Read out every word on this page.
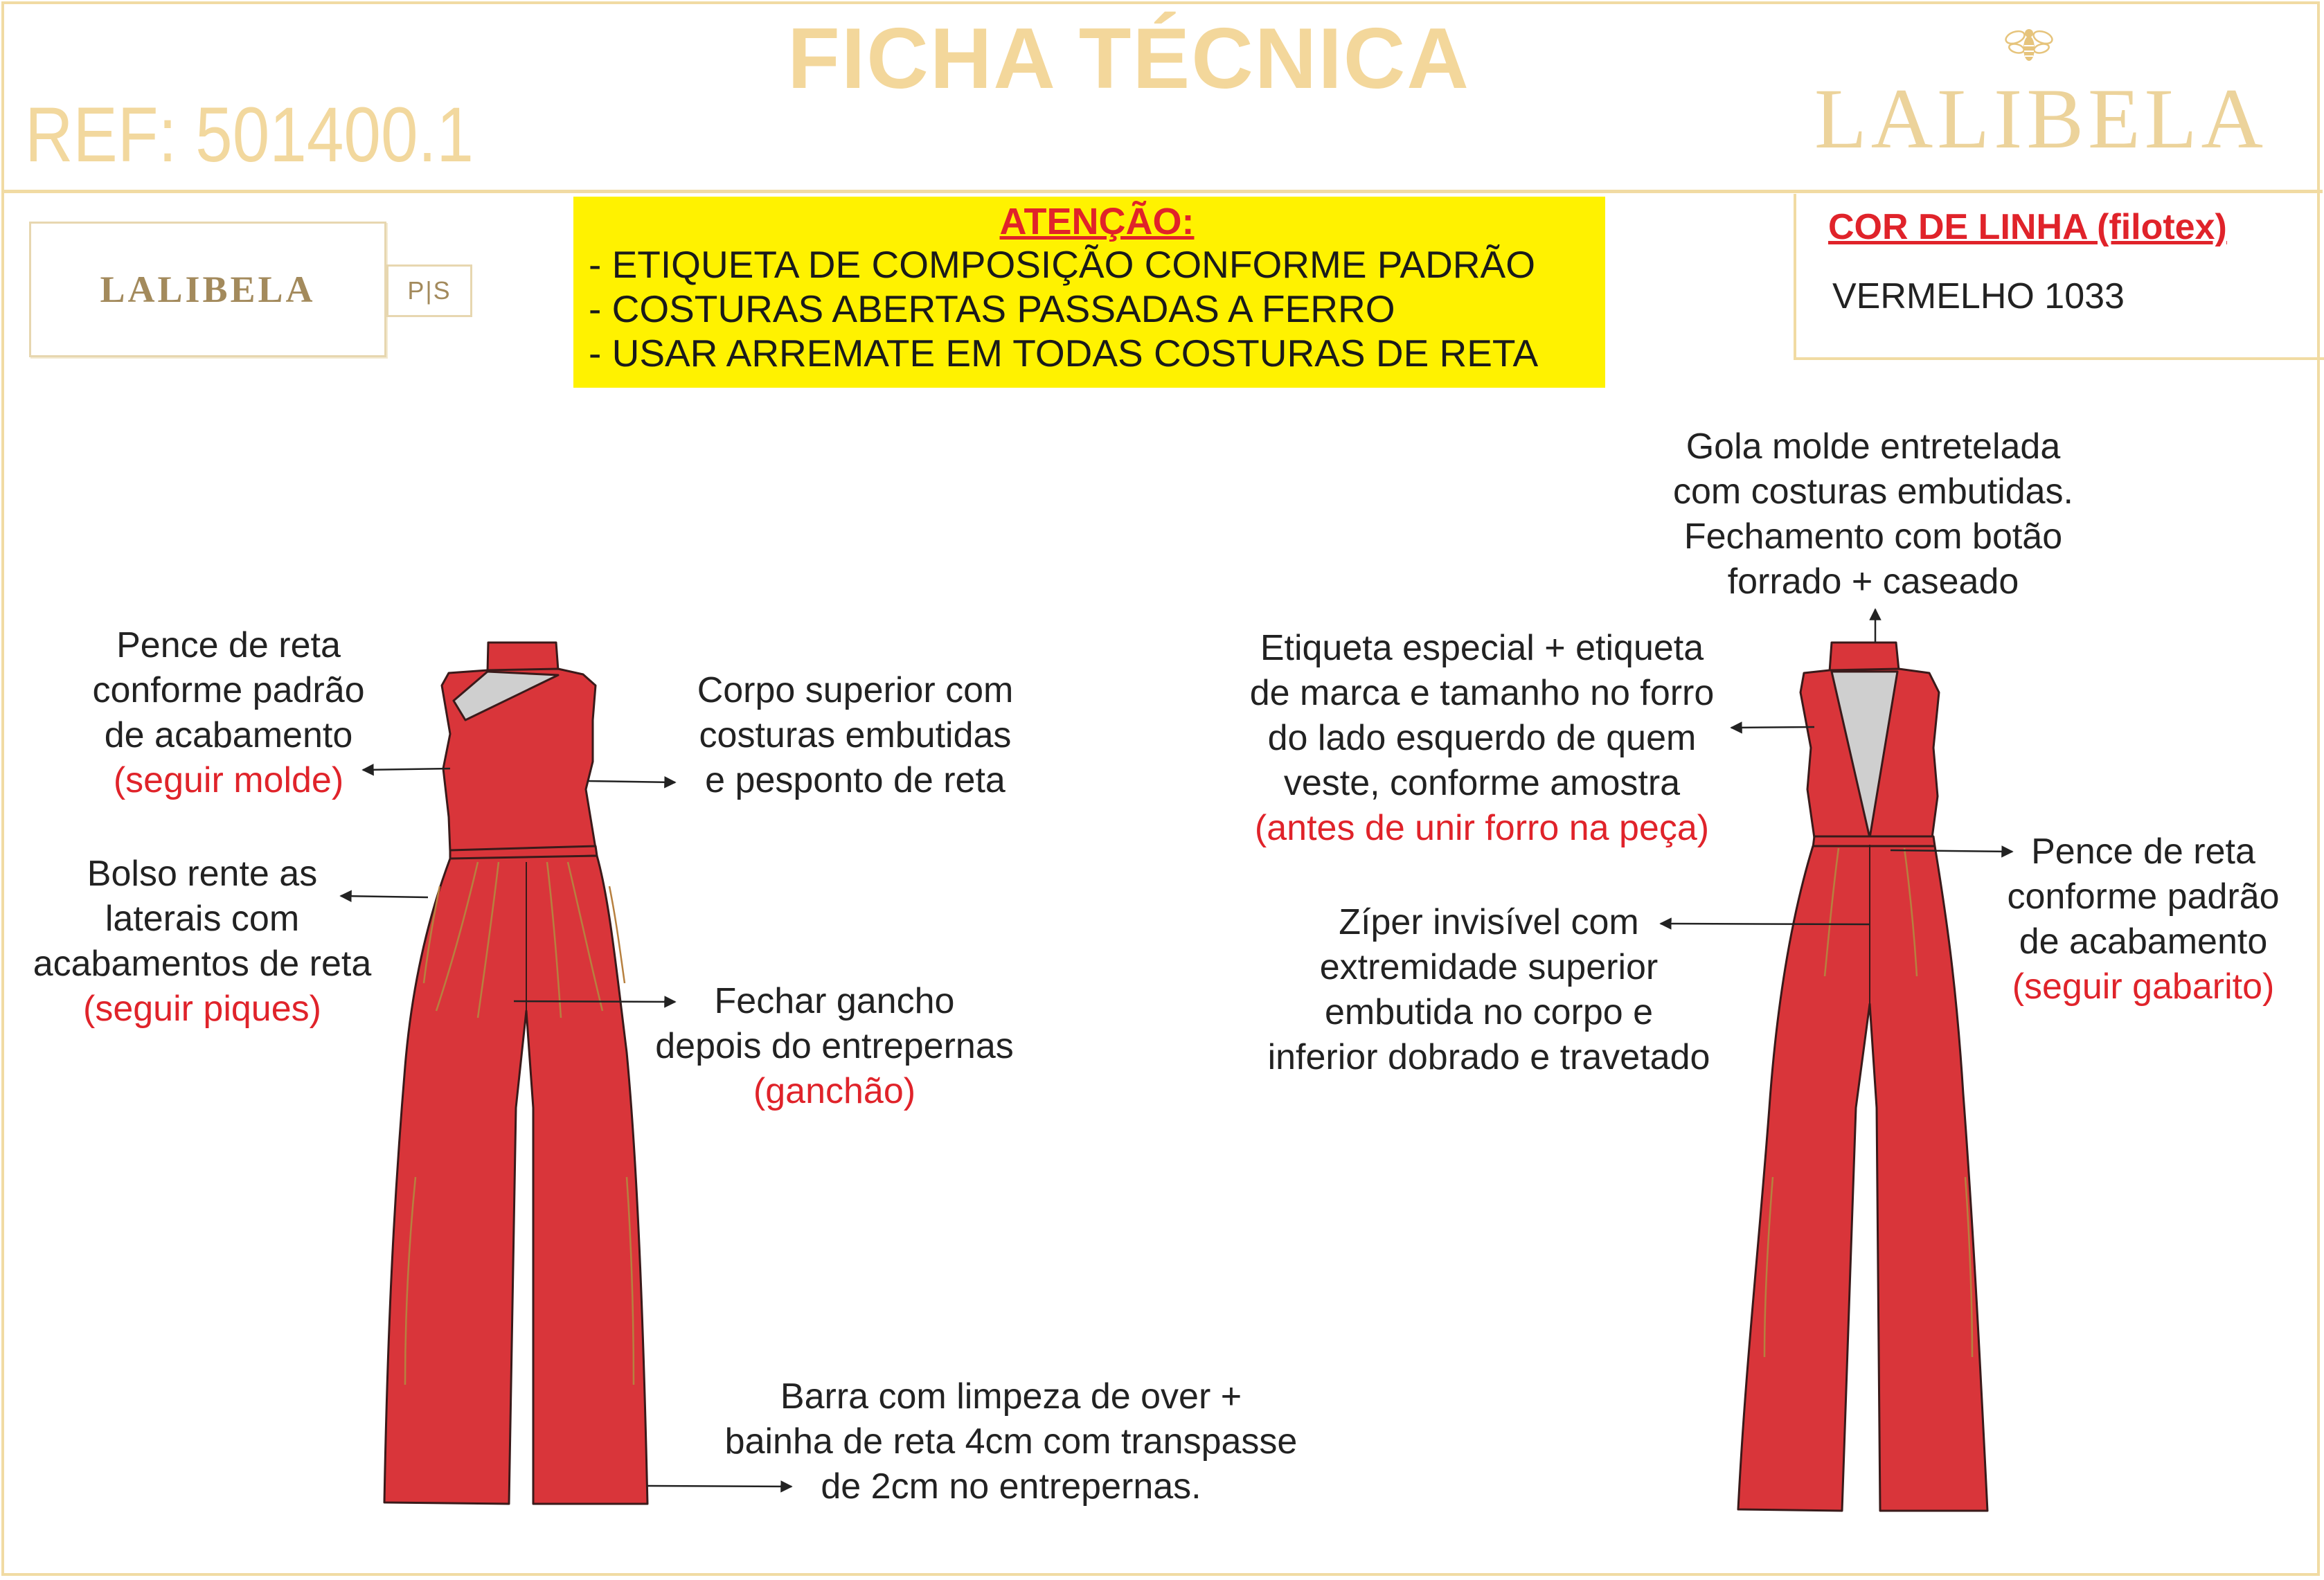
FICHA TÉCNICA

REF: 501400.1	LALIBELA
LALIBELA	P|S
ATENÇÃO:
- ETIQUETA DE COMPOSIÇÃO CONFORME PADRÃO
- COSTURAS ABERTAS PASSADAS A FERRO
- USAR ARREMATE EM TODAS COSTURAS DE RETA
COR DE LINHA (filotex)
VERMELHO 1033
Pence de reta
conforme padrão
de acabamento
(seguir molde)
Corpo superior com
costuras embutidas
e pesponto de reta
Bolso rente as
laterais com
acabamentos de reta
(seguir piques)	Fechar gancho
depois do entrepernas
(ganchão)
Barra com limpeza de over +
bainha de reta 4cm com transpasse
de 2cm no entrepernas.
Gola molde entretelada
com costuras embutidas.
Fechamento com botão
forrado + caseado
Etiqueta especial + etiqueta
de marca e tamanho no forro
do lado esquerdo de quem
veste, conforme amostra
(antes de unir forro na peça)
Pence de reta
conforme padrão
de acabamento
(seguir gabarito)
Zíper invisível com
extremidade superior
embutida no corpo e
inferior dobrado e travetado
